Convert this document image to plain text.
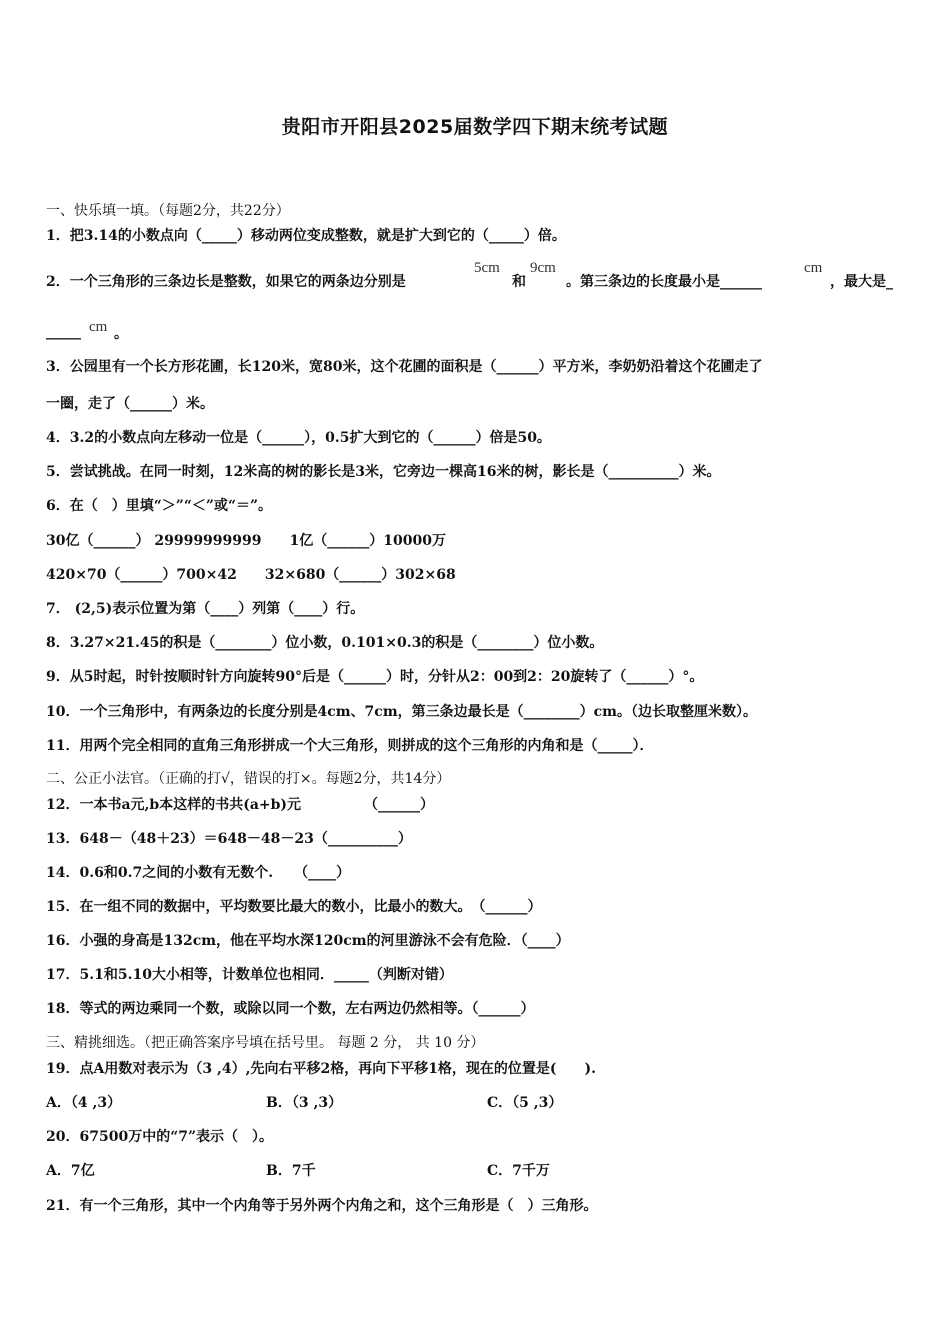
贵阳市开阳县2025届数学四下期末统考试题
一、快乐填一填。（每题2分，共22分）
1．把3.14的小数点向（_____）移动两位变成整数，就是扩大到它的（_____）倍。
2．一个三角形的三条边长是整数，如果它的两条边分别是
5cm
和
9cm
。第三条边的长度最小是______
cm
，最大是_
_____ cm 。
3．公园里有一个长方形花圃，长120米，宽80米，这个花圃的面积是（______）平方米，李奶奶沿着这个花圃走了
一圈，走了（______）米。
4．3.2的小数点向左移动一位是（______），0.5扩大到它的（______）倍是50。
5．尝试挑战。在同一时刻，12米高的树的影长是3米，它旁边一棵高16米的树，影长是（__________）米。
6．在（　）里填“＞”“＜”或“＝”。
30亿（______） 29999999999　　1亿（______）10000万
420×70（______）700×42　　32×680（______）302×68
7． (2,5)表示位置为第（____）列第（____）行。
8．3.27×21.45的积是（________）位小数，0.101×0.3的积是（________）位小数。
9．从5时起，时针按顺时针方向旋转90°后是（______）时，分针从2：00到2：20旋转了（______）°。
10．一个三角形中，有两条边的长度分别是4cm、7cm，第三条边最长是（________）cm。（边长取整厘米数）。
11．用两个完全相同的直角三角形拼成一个大三角形，则拼成的这个三角形的内角和是（_____）．
二、公正小法官。（正确的打√，错误的打×。每题2分，共14分）
12．一本书a元,b本这样的书共(a+b)元　　　　　（______）
13．648－（48＋23）＝648－48－23（__________）
14．0.6和0.7之间的小数有无数个.　　（____）
15．在一组不同的数据中，平均数要比最大的数小，比最小的数大。　（______）
16．小强的身高是132cm，他在平均水深120cm的河里游泳不会有危险．（____）
17．5.1和5.10大小相等，计数单位也相同．_____（判断对错）
18．等式的两边乘同一个数，或除以同一个数，左右两边仍然相等。（______）
三、精挑细选。（把正确答案序号填在括号里。 每题 2 分， 共 10 分）
19．点A用数对表示为（3 ,4）,先向右平移2格，再向下平移1格，现在的位置是(　　).
A．（4 ,3）	B．（3 ,3）	C．（5 ,3）
20．67500万中的“7”表示（　）。
A．7亿	B．7千	C．7千万
21．有一个三角形，其中一个内角等于另外两个内角之和，这个三角形是（　）三角形。
